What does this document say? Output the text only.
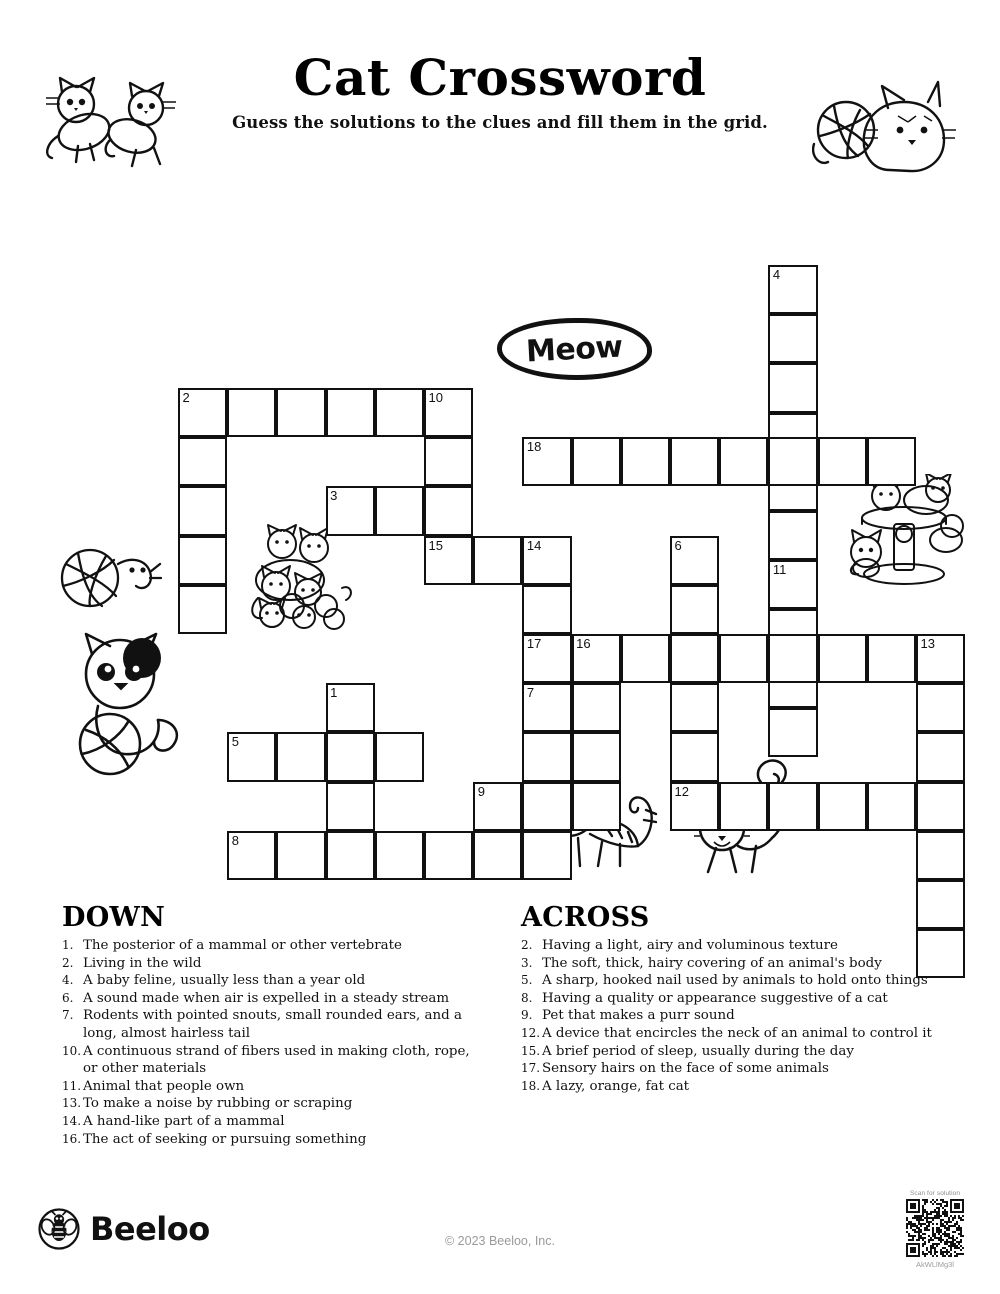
Cat Crossword
Guess the solutions to the clues and fill them in the grid.
Meow
2	10
15
4
11
18
3
14
17
6
16
7
13
1
5
9	12
8
DOWN
1. The posterior of a mammal or other vertebrate
2. Living in the wild
4. A baby feline, usually less than a year old
6. A sound made when air is expelled in a steady stream
7. Rodents with pointed snouts, small rounded ears, and a long, almost hairless tail
10. A continuous strand of fibers used in making cloth, rope, or other materials
11. Animal that people own
13. To make a noise by rubbing or scraping
14. A hand-like part of a mammal
16. The act of seeking or pursuing something
ACROSS
2. Having a light, airy and voluminous texture
3. The soft, thick, hairy covering of an animal's body
5. A sharp, hooked nail used by animals to hold onto things
8. Having a quality or appearance suggestive of a cat
9. Pet that makes a purr sound
12. A device that encircles the neck of an animal to control it
15. A brief period of sleep, usually during the day
17. Sensory hairs on the face of some animals
18. A lazy, orange, fat cat
Beeloo	© 2023 Beeloo, Inc.
Scan for solution
AkWLlMg3l
